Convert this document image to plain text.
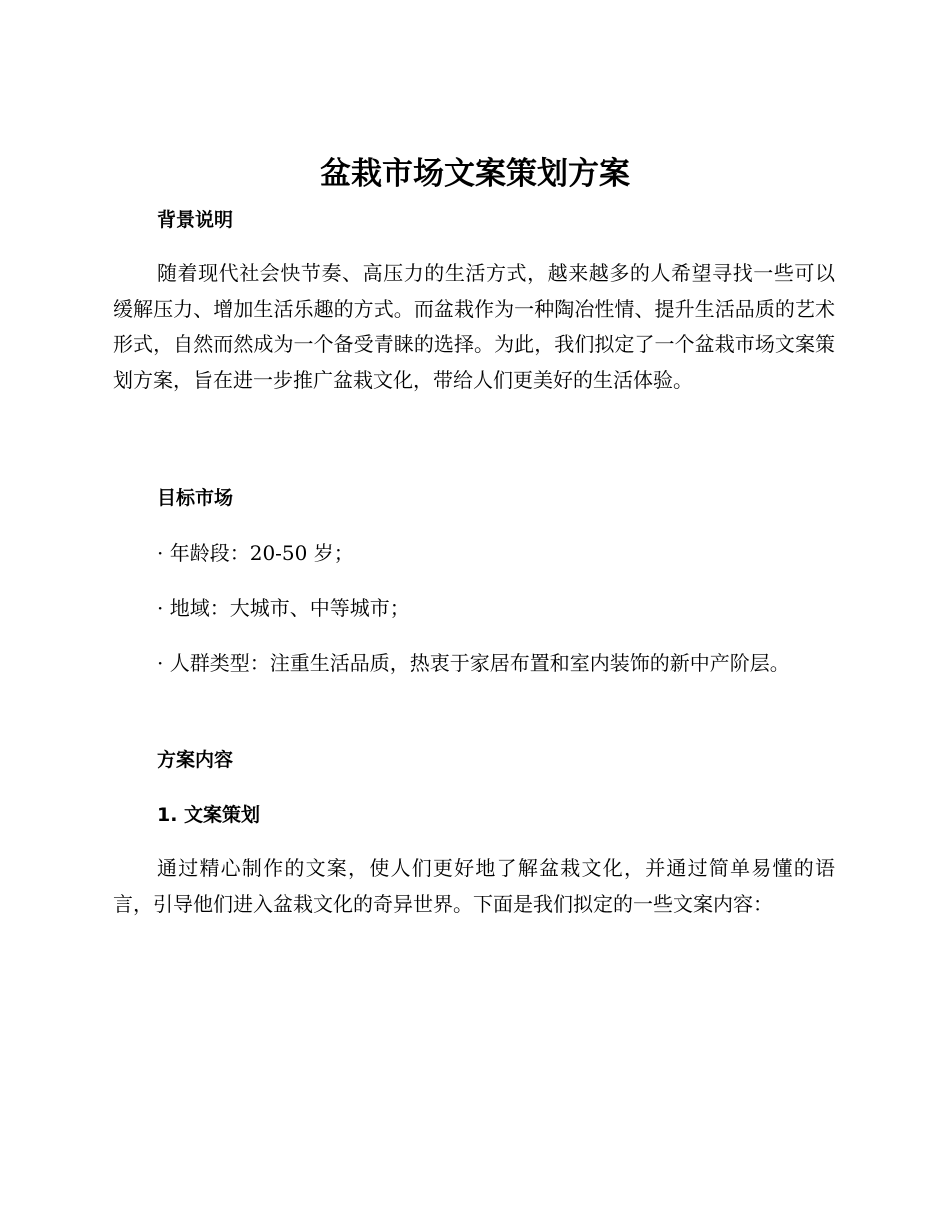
盆栽市场文案策划方案
背景说明

随着现代社会快节奏、高压力的生活方式，越来越多的人希望寻找一些可以缓解压力、增加生活乐趣的方式。而盆栽作为一种陶冶性情、提升生活品质的艺术形式，自然而然成为一个备受青睐的选择。为此，我们拟定了一个盆栽市场文案策划方案，旨在进一步推广盆栽文化，带给人们更美好的生活体验。

目标市场

· 年龄段：20-50 岁；

· 地域：大城市、中等城市；

· 人群类型：注重生活品质，热衷于家居布置和室内装饰的新中产阶层。

方案内容
1. 文案策划

通过精心制作的文案，使人们更好地了解盆栽文化，并通过简单易懂的语言，引导他们进入盆栽文化的奇异世界。下面是我们拟定的一些文案内容：
